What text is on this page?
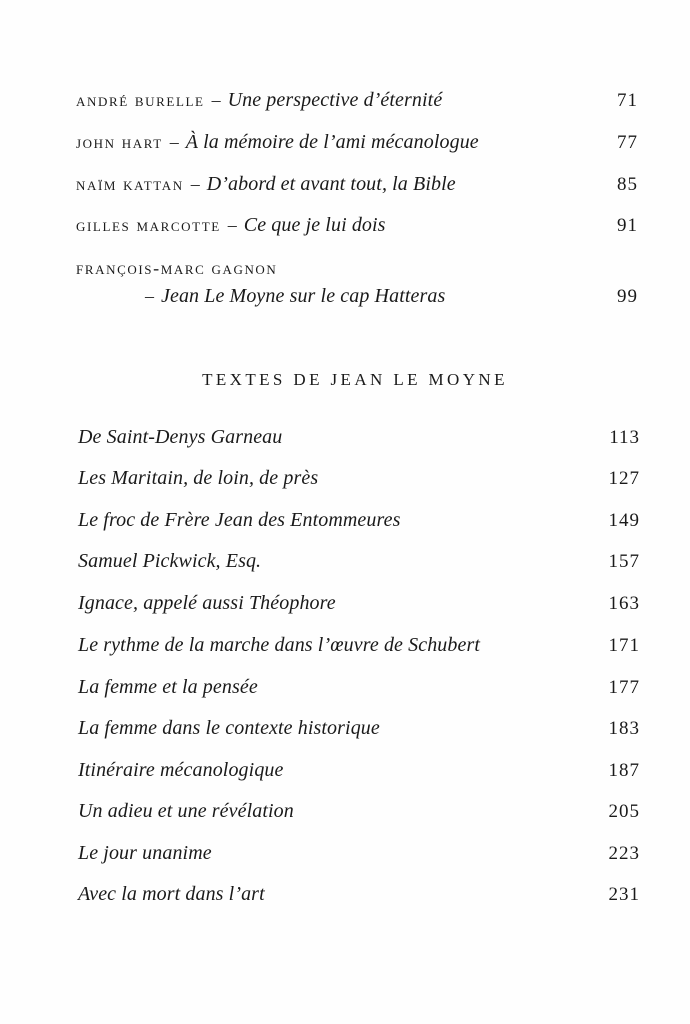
andré burelle – Une perspective d’éternité	71
john hart – À la mémoire de l’ami mécanologue	77
naïm kattan – D’abord et avant tout, la Bible	85
gilles marcotte – Ce que je lui dois	91
françois-marc gagnon
– Jean Le Moyne sur le cap Hatteras	99
TEXTES DE JEAN LE MOYNE
De Saint-Denys Garneau	113
Les Maritain, de loin, de près	127
Le froc de Frère Jean des Entommeures	149
Samuel Pickwick, Esq.	157
Ignace, appelé aussi Théophore	163
Le rythme de la marche dans l’œuvre de Schubert	171
La femme et la pensée	177
La femme dans le contexte historique	183
Itinéraire mécanologique	187
Un adieu et une révélation	205
Le jour unanime	223
Avec la mort dans l’art	231
